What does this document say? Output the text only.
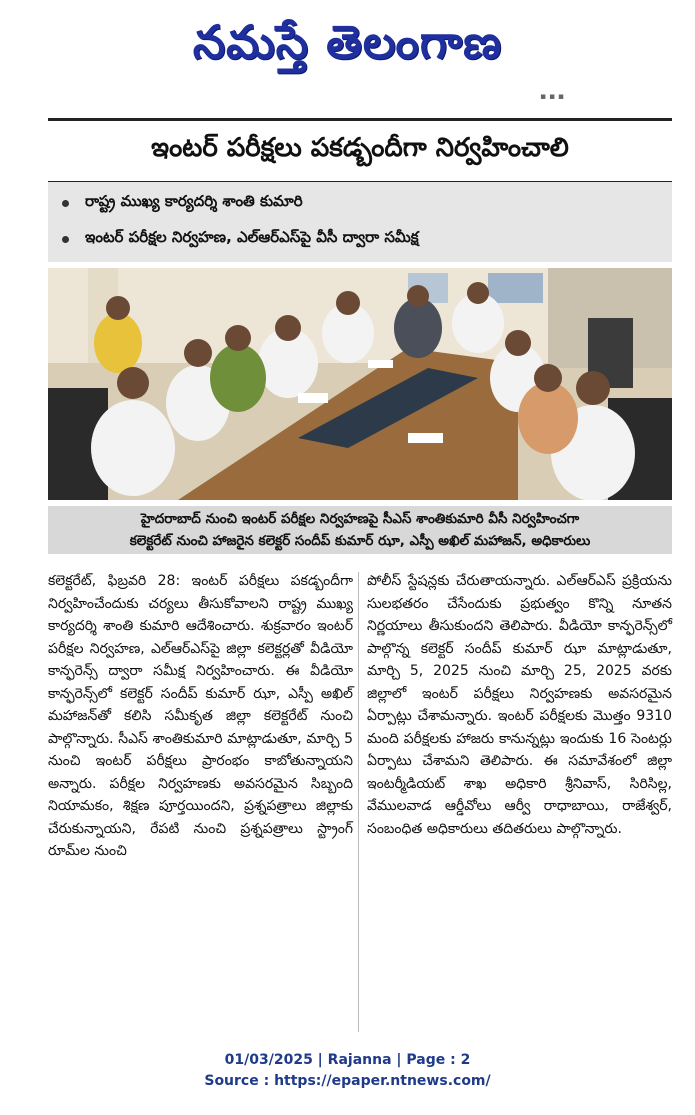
నమస్తే తెలంగాణ
▪ ▪ ▪
ఇంటర్ పరీక్షలు పకడ్బందీగా నిర్వహించాలి
రాష్ట్ర ముఖ్య కార్యదర్శి శాంతి కుమారి
ఇంటర్ పరీక్షల నిర్వహణ, ఎల్ఆర్ఎస్‌పై వీసీ ద్వారా సమీక్ష
హైదరాబాద్ నుంచి ఇంటర్ పరీక్షల నిర్వహణపై సీఎస్ శాంతికుమారి వీసీ నిర్వహించగా
కలెక్టరేట్ నుంచి హాజరైన కలెక్టర్ సందీప్ కుమార్ ఝా, ఎస్పీ అఖిల్ మహాజన్, అధికారులు

కలెక్టరేట్, ఫిబ్రవరి 28: ఇంటర్ పరీక్షలు పకడ్బందీగా నిర్వహించేందుకు చర్యలు తీసుకోవాలని రాష్ట్ర ముఖ్య కార్యదర్శి శాంతి కుమారి ఆదేశించారు. శుక్రవారం ఇంటర్ పరీక్షల నిర్వహణ, ఎల్ఆర్ఎస్‌పై జిల్లా కలెక్టర్లతో వీడియో కాన్ఫరెన్స్ ద్వారా సమీక్ష నిర్వహించారు. ఈ వీడియో కాన్ఫరెన్స్‌లో కలెక్టర్ సందీప్ కుమార్ ఝా, ఎస్పీ అఖిల్ మహాజన్‌తో కలిసి సమీకృత జిల్లా కలెక్టరేట్ నుంచి పాల్గొన్నారు. సీఎస్ శాంతికుమారి మాట్లాడుతూ, మార్చి 5 నుంచి ఇంటర్ పరీక్షలు ప్రారంభం కాబోతున్నాయని అన్నారు. పరీక్షల నిర్వహణకు అవసరమైన సిబ్బంది నియామకం, శిక్షణ పూర్తయిందని, ప్రశ్నపత్రాలు జిల్లాకు చేరుకున్నాయని, రేపటి నుంచి ప్రశ్నపత్రాలు స్ట్రాంగ్ రూమ్‌ల నుంచి

పోలీస్ స్టేషన్లకు చేరుతాయన్నారు. ఎల్ఆర్ఎస్ ప్రక్రియను సులభతరం చేసేందుకు ప్రభుత్వం కొన్ని నూతన నిర్ణయాలు తీసుకుందని తెలిపారు. వీడియో కాన్ఫరెన్స్‌లో పాల్గొన్న కలెక్టర్ సందీప్ కుమార్ ఝా మాట్లాడుతూ, మార్చి 5, 2025 నుంచి మార్చి 25, 2025 వరకు జిల్లాలో ఇంటర్ పరీక్షలు నిర్వహణకు అవసరమైన ఏర్పాట్లు చేశామన్నారు. ఇంటర్ పరీక్షలకు మొత్తం 9310 మంది పరీక్షలకు హాజరు కానున్నట్లు ఇందుకు 16 సెంటర్లు ఏర్పాటు చేశామని తెలిపారు. ఈ సమావేశంలో జిల్లా ఇంటర్మీడియట్ శాఖ అధికారి శ్రీనివాస్, సిరిసిల్ల, వేములవాడ ఆర్డీవోలు ఆర్వీ రాధాబాయి, రాజేశ్వర్, సంబంధిత అధికారులు తదితరులు పాల్గొన్నారు.

01/03/2025 | Rajanna | Page : 2
Source : https://epaper.ntnews.com/
